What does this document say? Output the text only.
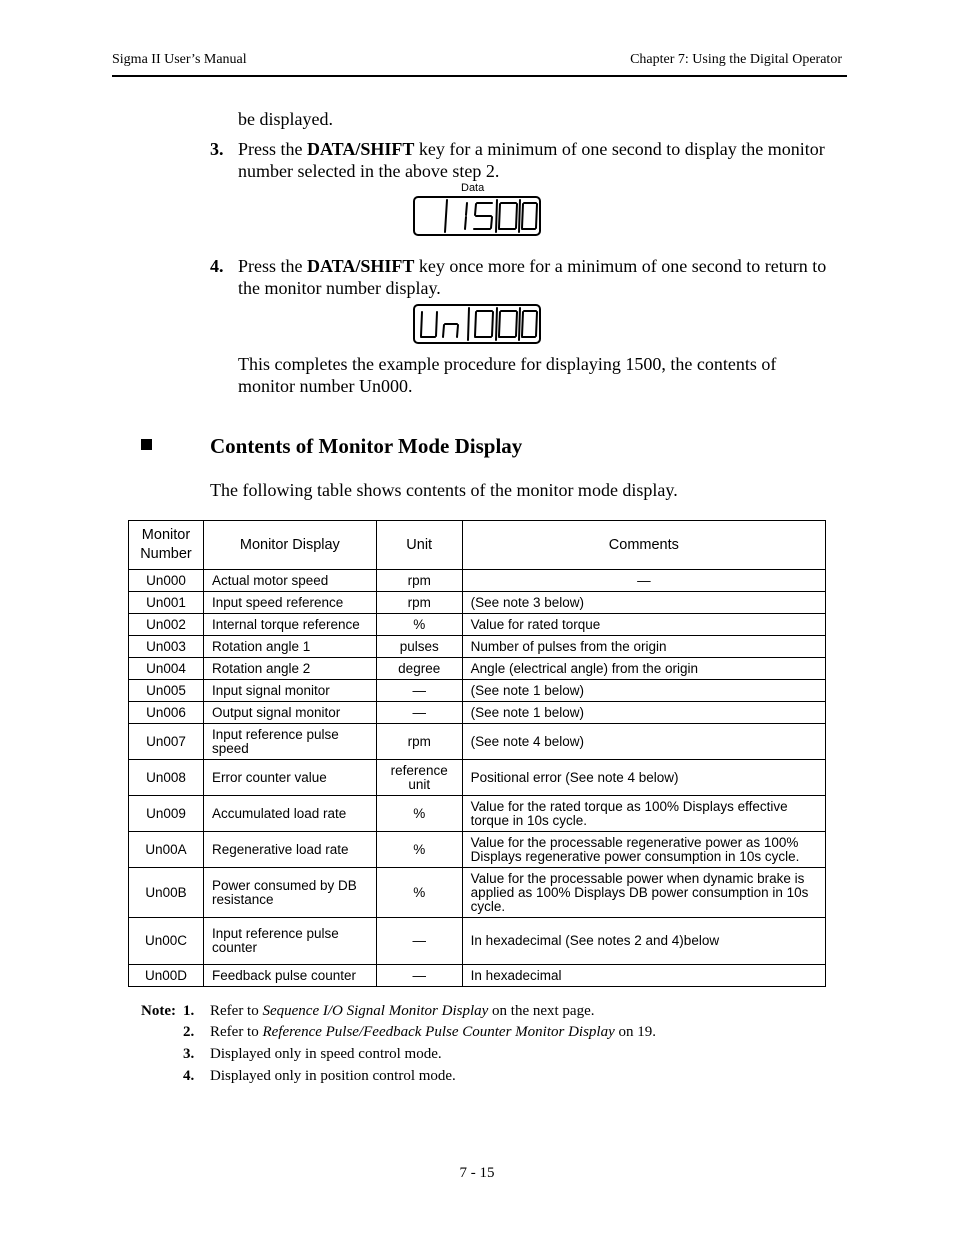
Sigma II User’s Manual	Chapter 7: Using the Digital Operator
be displayed.
3. Press the DATA/SHIFT key for a minimum of one second to display the monitor number selected in the above step 2.
Data
4. Press the DATA/SHIFT key once more for a minimum of one second to return to the monitor number display.
This completes the example procedure for displaying 1500, the contents of monitor number Un000.
Contents of Monitor Mode Display
The following table shows contents of the monitor mode display.
Monitor Number	Monitor Display	Unit	Comments
Un000	Actual motor speed	rpm	—
Un001	Input speed reference	rpm	(See note 3 below)
Un002	Internal torque reference	%	Value for rated torque
Un003	Rotation angle 1	pulses	Number of pulses from the origin
Un004	Rotation angle 2	degree	Angle (electrical angle) from the origin
Un005	Input signal monitor	—	(See note 1 below)
Un006	Output signal monitor	—	(See note 1 below)
Un007	Input reference pulse speed	rpm	(See note 4 below)
Un008	Error counter value	reference unit	Positional error (See note 4 below)
Un009	Accumulated load rate	%	Value for the rated torque as 100% Displays effective torque in 10s cycle.
Un00A	Regenerative load rate	%	Value for the processable regenerative power as 100% Displays regenerative power consumption in 10s cycle.
Un00B	Power consumed by DB resistance	%	Value for the processable power when dynamic brake is applied as 100% Displays DB power consumption in 10s cycle.
Un00C	Input reference pulse counter	—	In hexadecimal (See notes 2 and 4)below
Un00D	Feedback pulse counter	—	In hexadecimal
Note: 1. Refer to Sequence I/O Signal Monitor Display on the next page.
2. Refer to Reference Pulse/Feedback Pulse Counter Monitor Display on 19.
3. Displayed only in speed control mode.
4. Displayed only in position control mode.
7 - 15
